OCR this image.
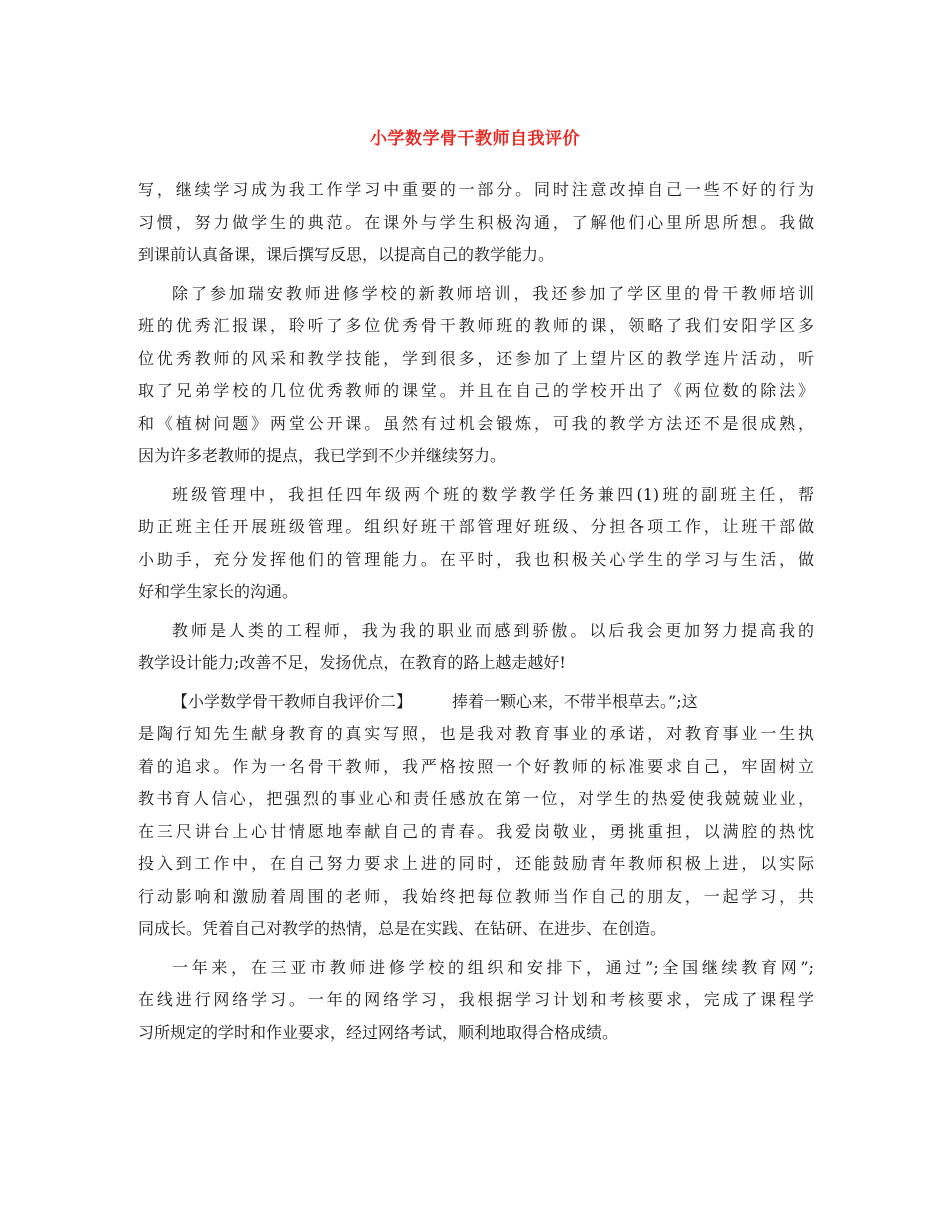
小学数学骨干教师自我评价
写，继续学习成为我工作学习中重要的一部分。同时注意改掉自己一些不好的行为
习惯，努力做学生的典范。在课外与学生积极沟通，了解他们心里所思所想。我做
到课前认真备课，课后撰写反思，以提高自己的教学能力。
除了参加瑞安教师进修学校的新教师培训，我还参加了学区里的骨干教师培训
班的优秀汇报课，聆听了多位优秀骨干教师班的教师的课，领略了我们安阳学区多
位优秀教师的风采和教学技能，学到很多，还参加了上望片区的教学连片活动，听
取了兄弟学校的几位优秀教师的课堂。并且在自己的学校开出了《两位数的除法》
和《植树问题》两堂公开课。虽然有过机会锻炼，可我的教学方法还不是很成熟，
因为许多老教师的提点，我已学到不少并继续努力。
班级管理中，我担任四年级两个班的数学教学任务兼四(1)班的副班主任，帮
助正班主任开展班级管理。组织好班干部管理好班级、分担各项工作，让班干部做
小助手，充分发挥他们的管理能力。在平时，我也积极关心学生的学习与生活，做
好和学生家长的沟通。
教师是人类的工程师，我为我的职业而感到骄傲。以后我会更加努力提高我的
教学设计能力;改善不足，发扬优点，在教育的路上越走越好!
【小学数学骨干教师自我评价二】	捧着一颗心来，不带半根草去。”;这
是陶行知先生献身教育的真实写照，也是我对教育事业的承诺，对教育事业一生执
着的追求。作为一名骨干教师，我严格按照一个好教师的标准要求自己，牢固树立
教书育人信心，把强烈的事业心和责任感放在第一位，对学生的热爱使我兢兢业业，
在三尺讲台上心甘情愿地奉献自己的青春。我爱岗敬业，勇挑重担，以满腔的热忱
投入到工作中，在自己努力要求上进的同时，还能鼓励青年教师积极上进，以实际
行动影响和激励着周围的老师，我始终把每位教师当作自己的朋友，一起学习，共
同成长。凭着自己对教学的热情，总是在实践、在钻研、在进步、在创造。
一年来，在三亚市教师进修学校的组织和安排下，通过”;全国继续教育网”;
在线进行网络学习。一年的网络学习，我根据学习计划和考核要求，完成了课程学
习所规定的学时和作业要求，经过网络考试，顺利地取得合格成绩。
